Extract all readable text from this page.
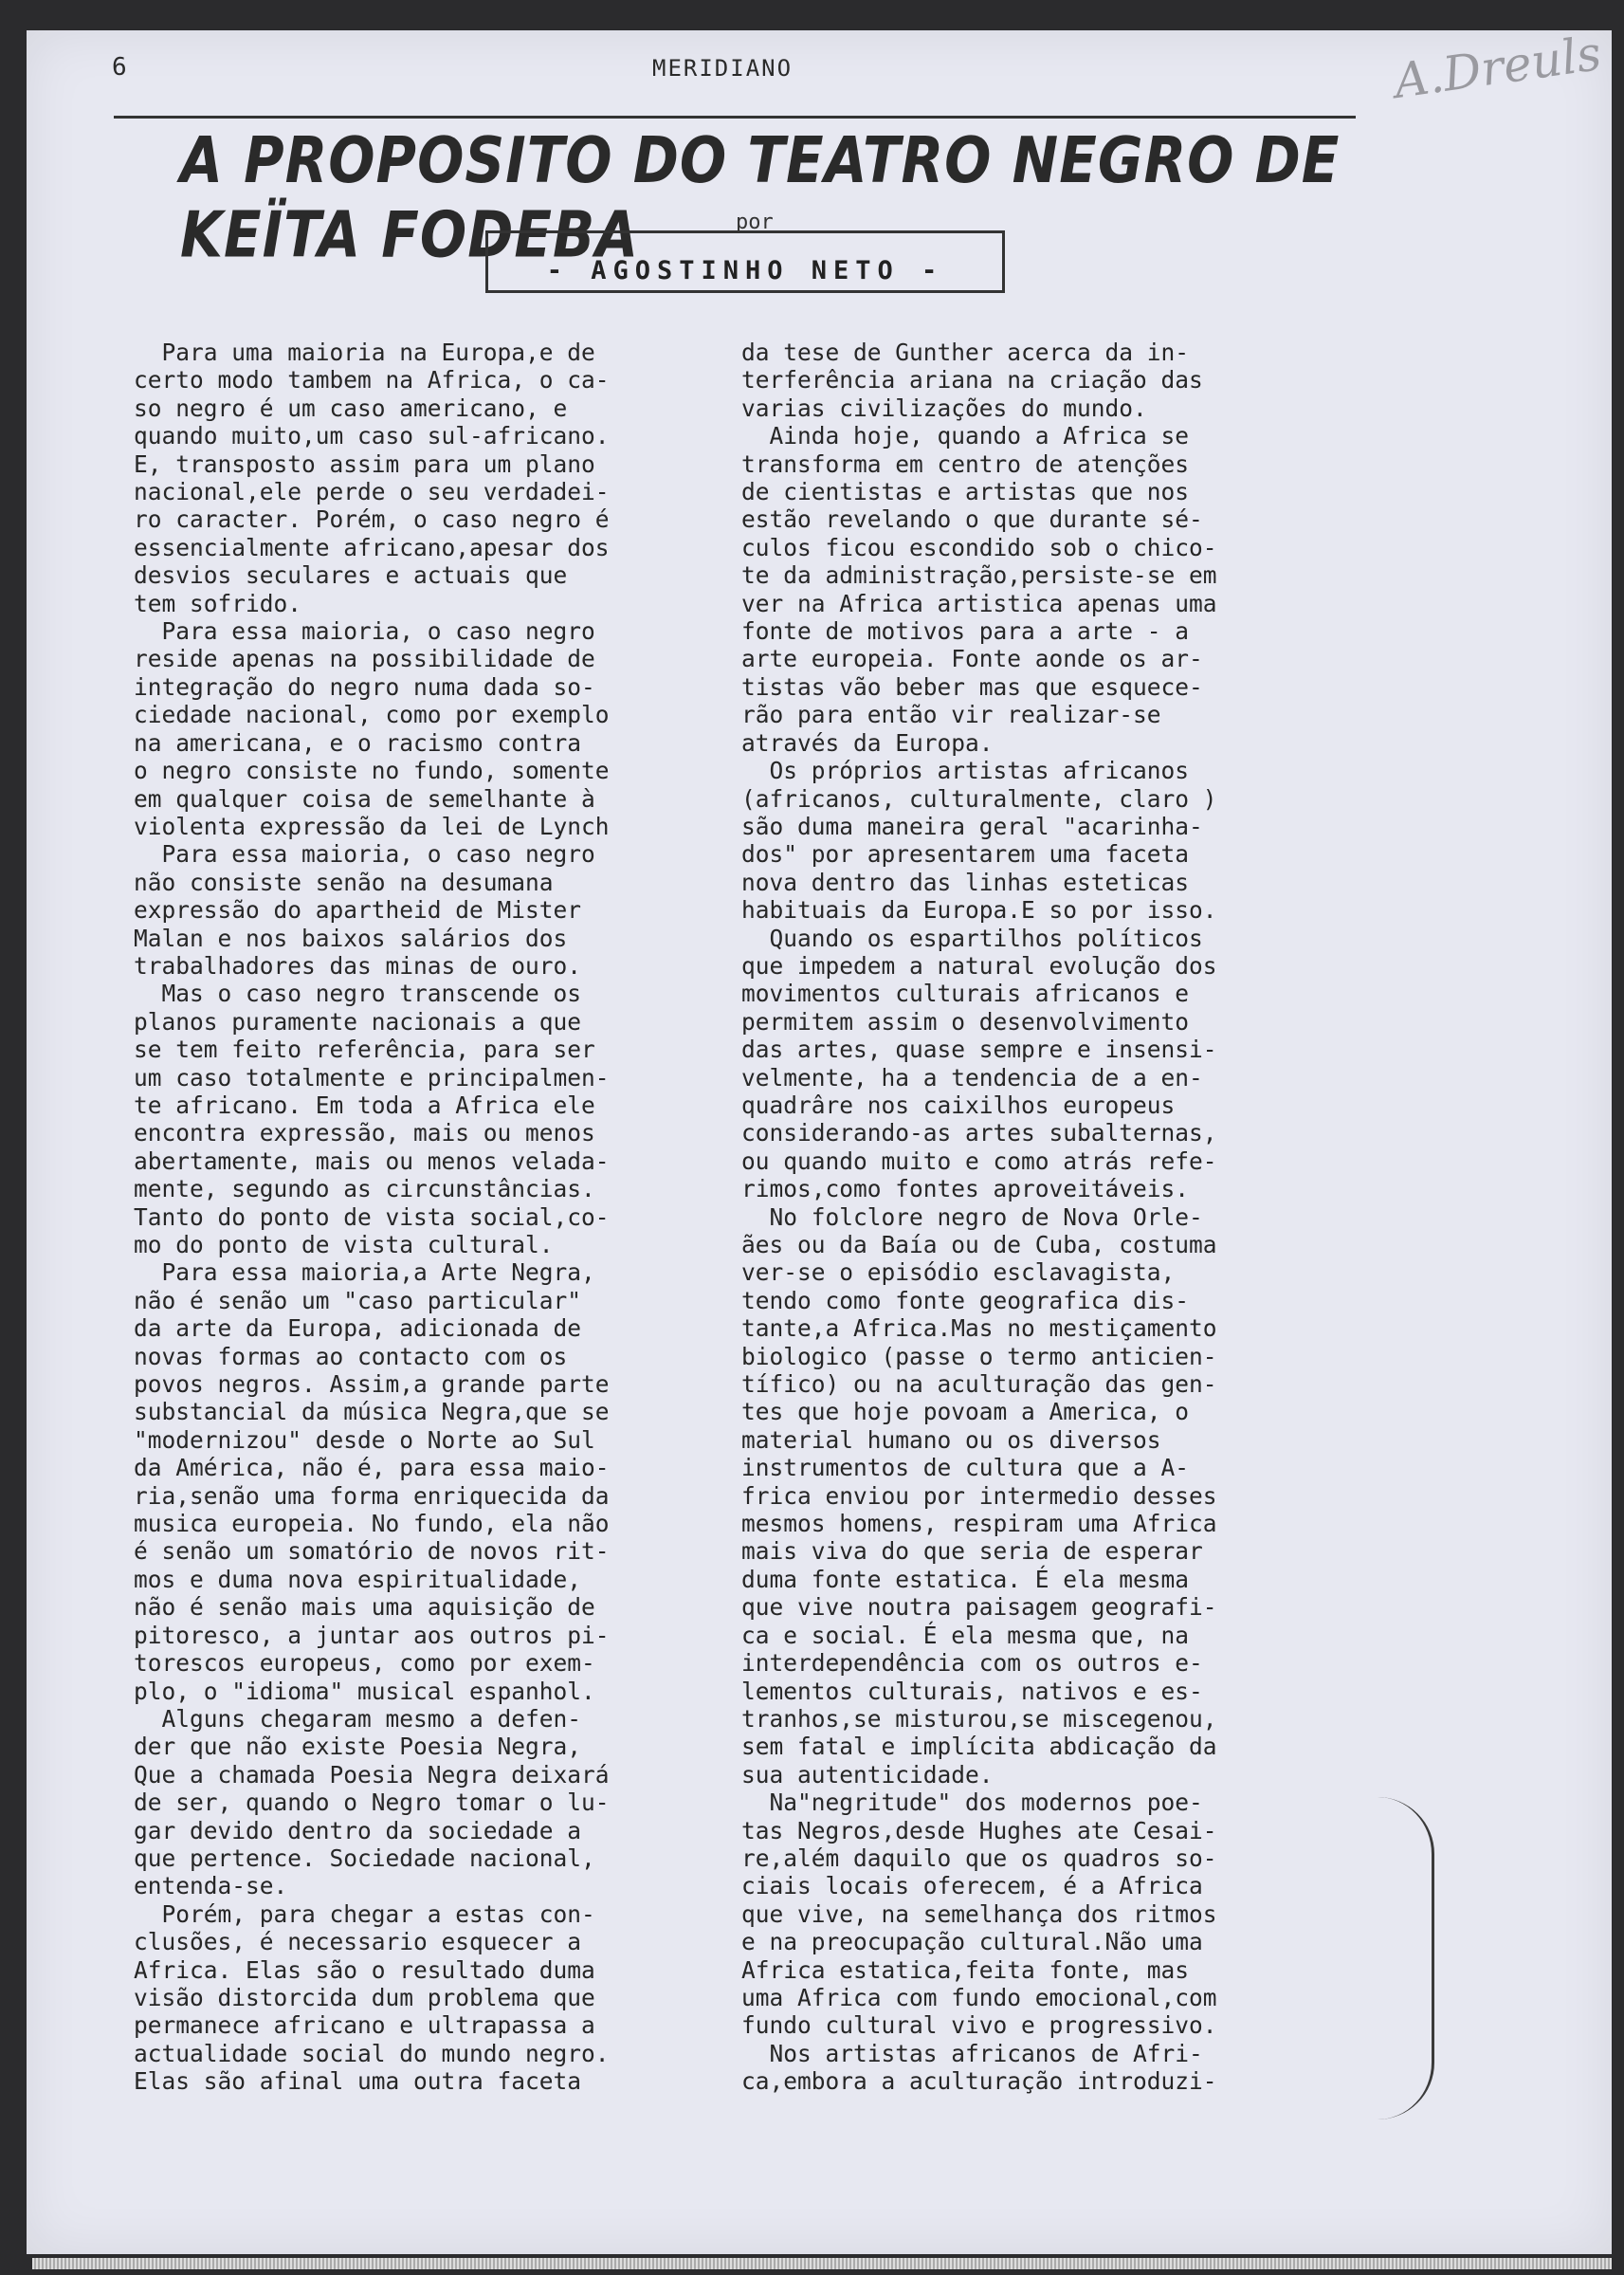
6	MERIDIANO	A.Dreuls
A PROPOSITO DO TEATRO NEGRO DE KEÏTA FODEBA	por
- AGOSTINHO NETO -

Para uma maioria na Europa,e de

certo modo tambem na Africa, o ca-

so negro é um caso americano, e

quando muito,um caso sul-africano.

E, transposto assim para um plano

nacional,ele perde o seu verdadei-

ro caracter. Porém, o caso negro é

essencialmente africano,apesar dos

desvios seculares e actuais que

tem sofrido.

Para essa maioria, o caso negro

reside apenas na possibilidade de

integração do negro numa dada so-

ciedade nacional, como por exemplo

na americana, e o racismo contra

o negro consiste no fundo, somente

em qualquer coisa de semelhante à

violenta expressão da lei de Lynch

Para essa maioria, o caso negro

não consiste senão na desumana

expressão do apartheid de Mister

Malan e nos baixos salários dos

trabalhadores das minas de ouro.

Mas o caso negro transcende os

planos puramente nacionais a que

se tem feito referência, para ser

um caso totalmente e principalmen-

te africano. Em toda a Africa ele

encontra expressão, mais ou menos

abertamente, mais ou menos velada-

mente, segundo as circunstâncias.

Tanto do ponto de vista social,co-

mo do ponto de vista cultural.

Para essa maioria,a Arte Negra,

não é senão um "caso particular"

da arte da Europa, adicionada de

novas formas ao contacto com os

povos negros. Assim,a grande parte

substancial da música Negra,que se

"modernizou" desde o Norte ao Sul

da América, não é, para essa maio-

ria,senão uma forma enriquecida da

musica europeia. No fundo, ela não

é senão um somatório de novos rit-

mos e duma nova espiritualidade,

não é senão mais uma aquisição de

pitoresco, a juntar aos outros pi-

torescos europeus, como por exem-

plo, o "idioma" musical espanhol.

Alguns chegaram mesmo a defen-

der que não existe Poesia Negra,

Que a chamada Poesia Negra deixará

de ser, quando o Negro tomar o lu-

gar devido dentro da sociedade a

que pertence. Sociedade nacional,

entenda-se.

Porém, para chegar a estas con-

clusões, é necessario esquecer a

Africa. Elas são o resultado duma

visão distorcida dum problema que

permanece africano e ultrapassa a

actualidade social do mundo negro.

Elas são afinal uma outra faceta

da tese de Gunther acerca da in-

terferência ariana na criação das

varias civilizações do mundo.

Ainda hoje, quando a Africa se

transforma em centro de atenções

de cientistas e artistas que nos

estão revelando o que durante sé-

culos ficou escondido sob o chico-

te da administração,persiste-se em

ver na Africa artistica apenas uma

fonte de motivos para a arte - a

arte europeia. Fonte aonde os ar-

tistas vão beber mas que esquece-

rão para então vir realizar-se

através da Europa.

Os próprios artistas africanos

(africanos, culturalmente, claro )

são duma maneira geral "acarinha-

dos" por apresentarem uma faceta

nova dentro das linhas esteticas

habituais da Europa.E so por isso.

Quando os espartilhos políticos

que impedem a natural evolução dos

movimentos culturais africanos e

permitem assim o desenvolvimento

das artes, quase sempre e insensi-

velmente, ha a tendencia de a en-

quadrâre nos caixilhos europeus

considerando-as artes subalternas,

ou quando muito e como atrás refe-

rimos,como fontes aproveitáveis.

No folclore negro de Nova Orle-

ães ou da Baía ou de Cuba, costuma

ver-se o episódio esclavagista,

tendo como fonte geografica dis-

tante,a Africa.Mas no mestiçamento

biologico (passe o termo anticien-

tífico) ou na aculturação das gen-

tes que hoje povoam a America, o

material humano ou os diversos

instrumentos de cultura que a A-

frica enviou por intermedio desses

mesmos homens, respiram uma Africa

mais viva do que seria de esperar

duma fonte estatica. É ela mesma

que vive noutra paisagem geografi-

ca e social. É ela mesma que, na

interdependência com os outros e-

lementos culturais, nativos e es-

tranhos,se misturou,se miscegenou,

sem fatal e implícita abdicação da

sua autenticidade.

Na"negritude" dos modernos poe-

tas Negros,desde Hughes ate Cesai-

re,além daquilo que os quadros so-

ciais locais oferecem, é a Africa

que vive, na semelhança dos ritmos

e na preocupação cultural.Não uma

Africa estatica,feita fonte, mas

uma Africa com fundo emocional,com

fundo cultural vivo e progressivo.

Nos artistas africanos de Afri-

ca,embora a aculturação introduzi-
